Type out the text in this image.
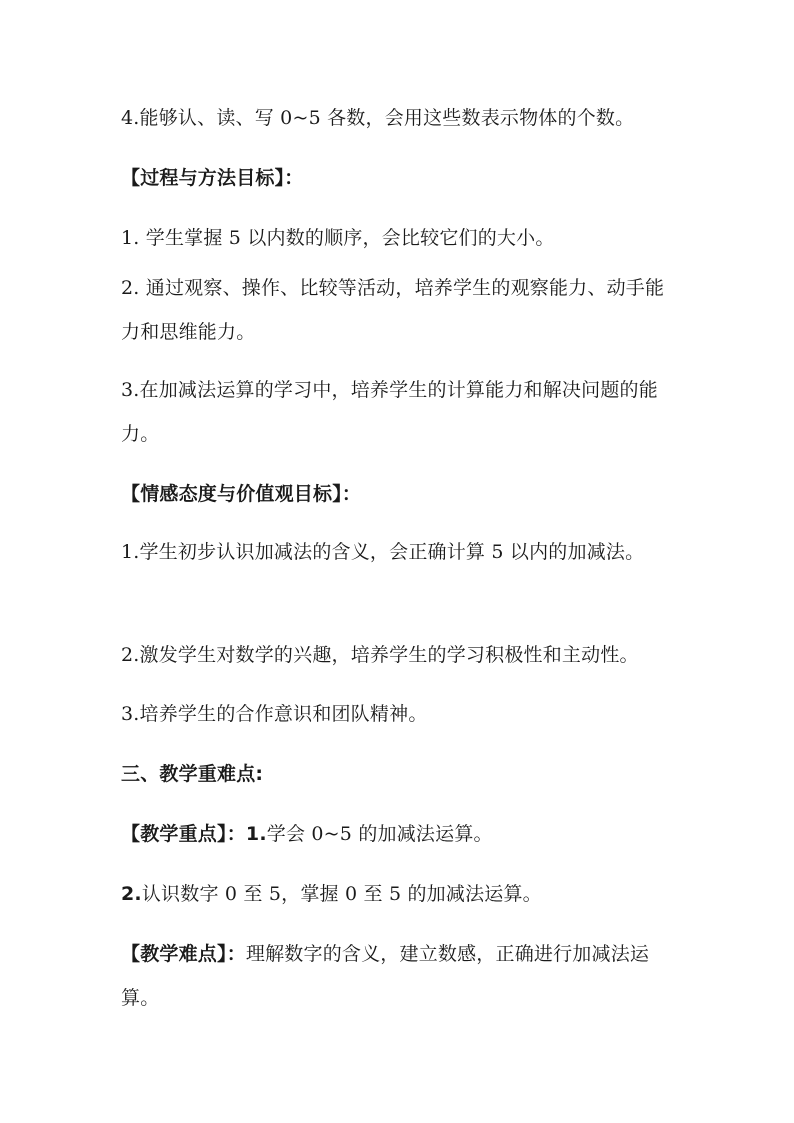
4.能够认、读、写 0~5 各数，会用这些数表示物体的个数。
【过程与方法目标】：
1. 学生掌握 5 以内数的顺序，会比较它们的大小。
2. 通过观察、操作、比较等活动，培养学生的观察能力、动手能力和思维能力。
3.在加减法运算的学习中，培养学生的计算能力和解决问题的能力。
【情感态度与价值观目标】：
1.学生初步认识加减法的含义，会正确计算 5 以内的加减法。
2.激发学生对数学的兴趣，培养学生的学习积极性和主动性。
3.培养学生的合作意识和团队精神。
三、教学重难点:
【教学重点】：1.学会 0~5 的加减法运算。
2.认识数字 0 至 5，掌握 0 至 5 的加减法运算。
【教学难点】：理解数字的含义，建立数感，正确进行加减法运算。
